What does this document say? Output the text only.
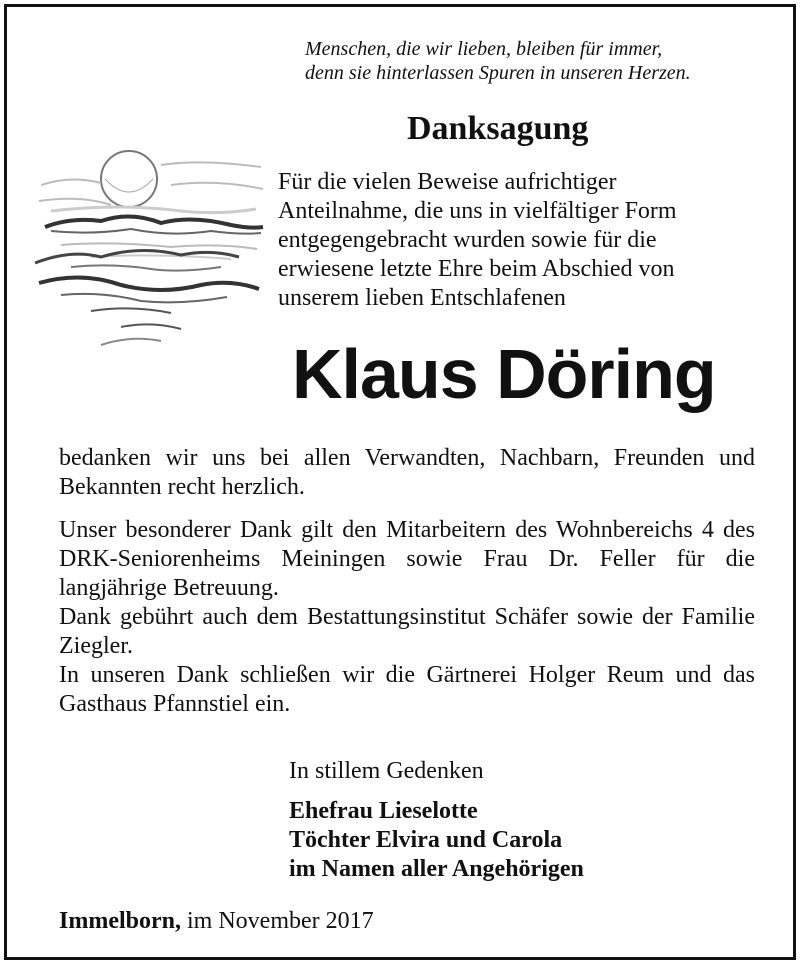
Menschen, die wir lieben, bleiben für immer,
denn sie hinterlassen Spuren in unseren Herzen.
Danksagung
Für die vielen Beweise aufrichtiger
Anteilnahme, die uns in vielfältiger Form
entgegengebracht wurden sowie für die
erwiesene letzte Ehre beim Abschied von
unserem lieben Entschlafenen
Klaus Döring
bedanken wir uns bei allen Verwandten, Nachbarn, Freunden und Bekannten recht herzlich.
Unser besonderer Dank gilt den Mitarbeitern des Wohnbereichs 4 des DRK-Seniorenheims Meiningen sowie Frau Dr. Feller für die langjährige Betreuung.
Dank gebührt auch dem Bestattungsinstitut Schäfer sowie der Familie Ziegler.
In unseren Dank schließen wir die Gärtnerei Holger Reum und das Gasthaus Pfannstiel ein.
In stillem Gedenken
Ehefrau Lieselotte
Töchter Elvira und Carola
im Namen aller Angehörigen
Immelborn, im November 2017
